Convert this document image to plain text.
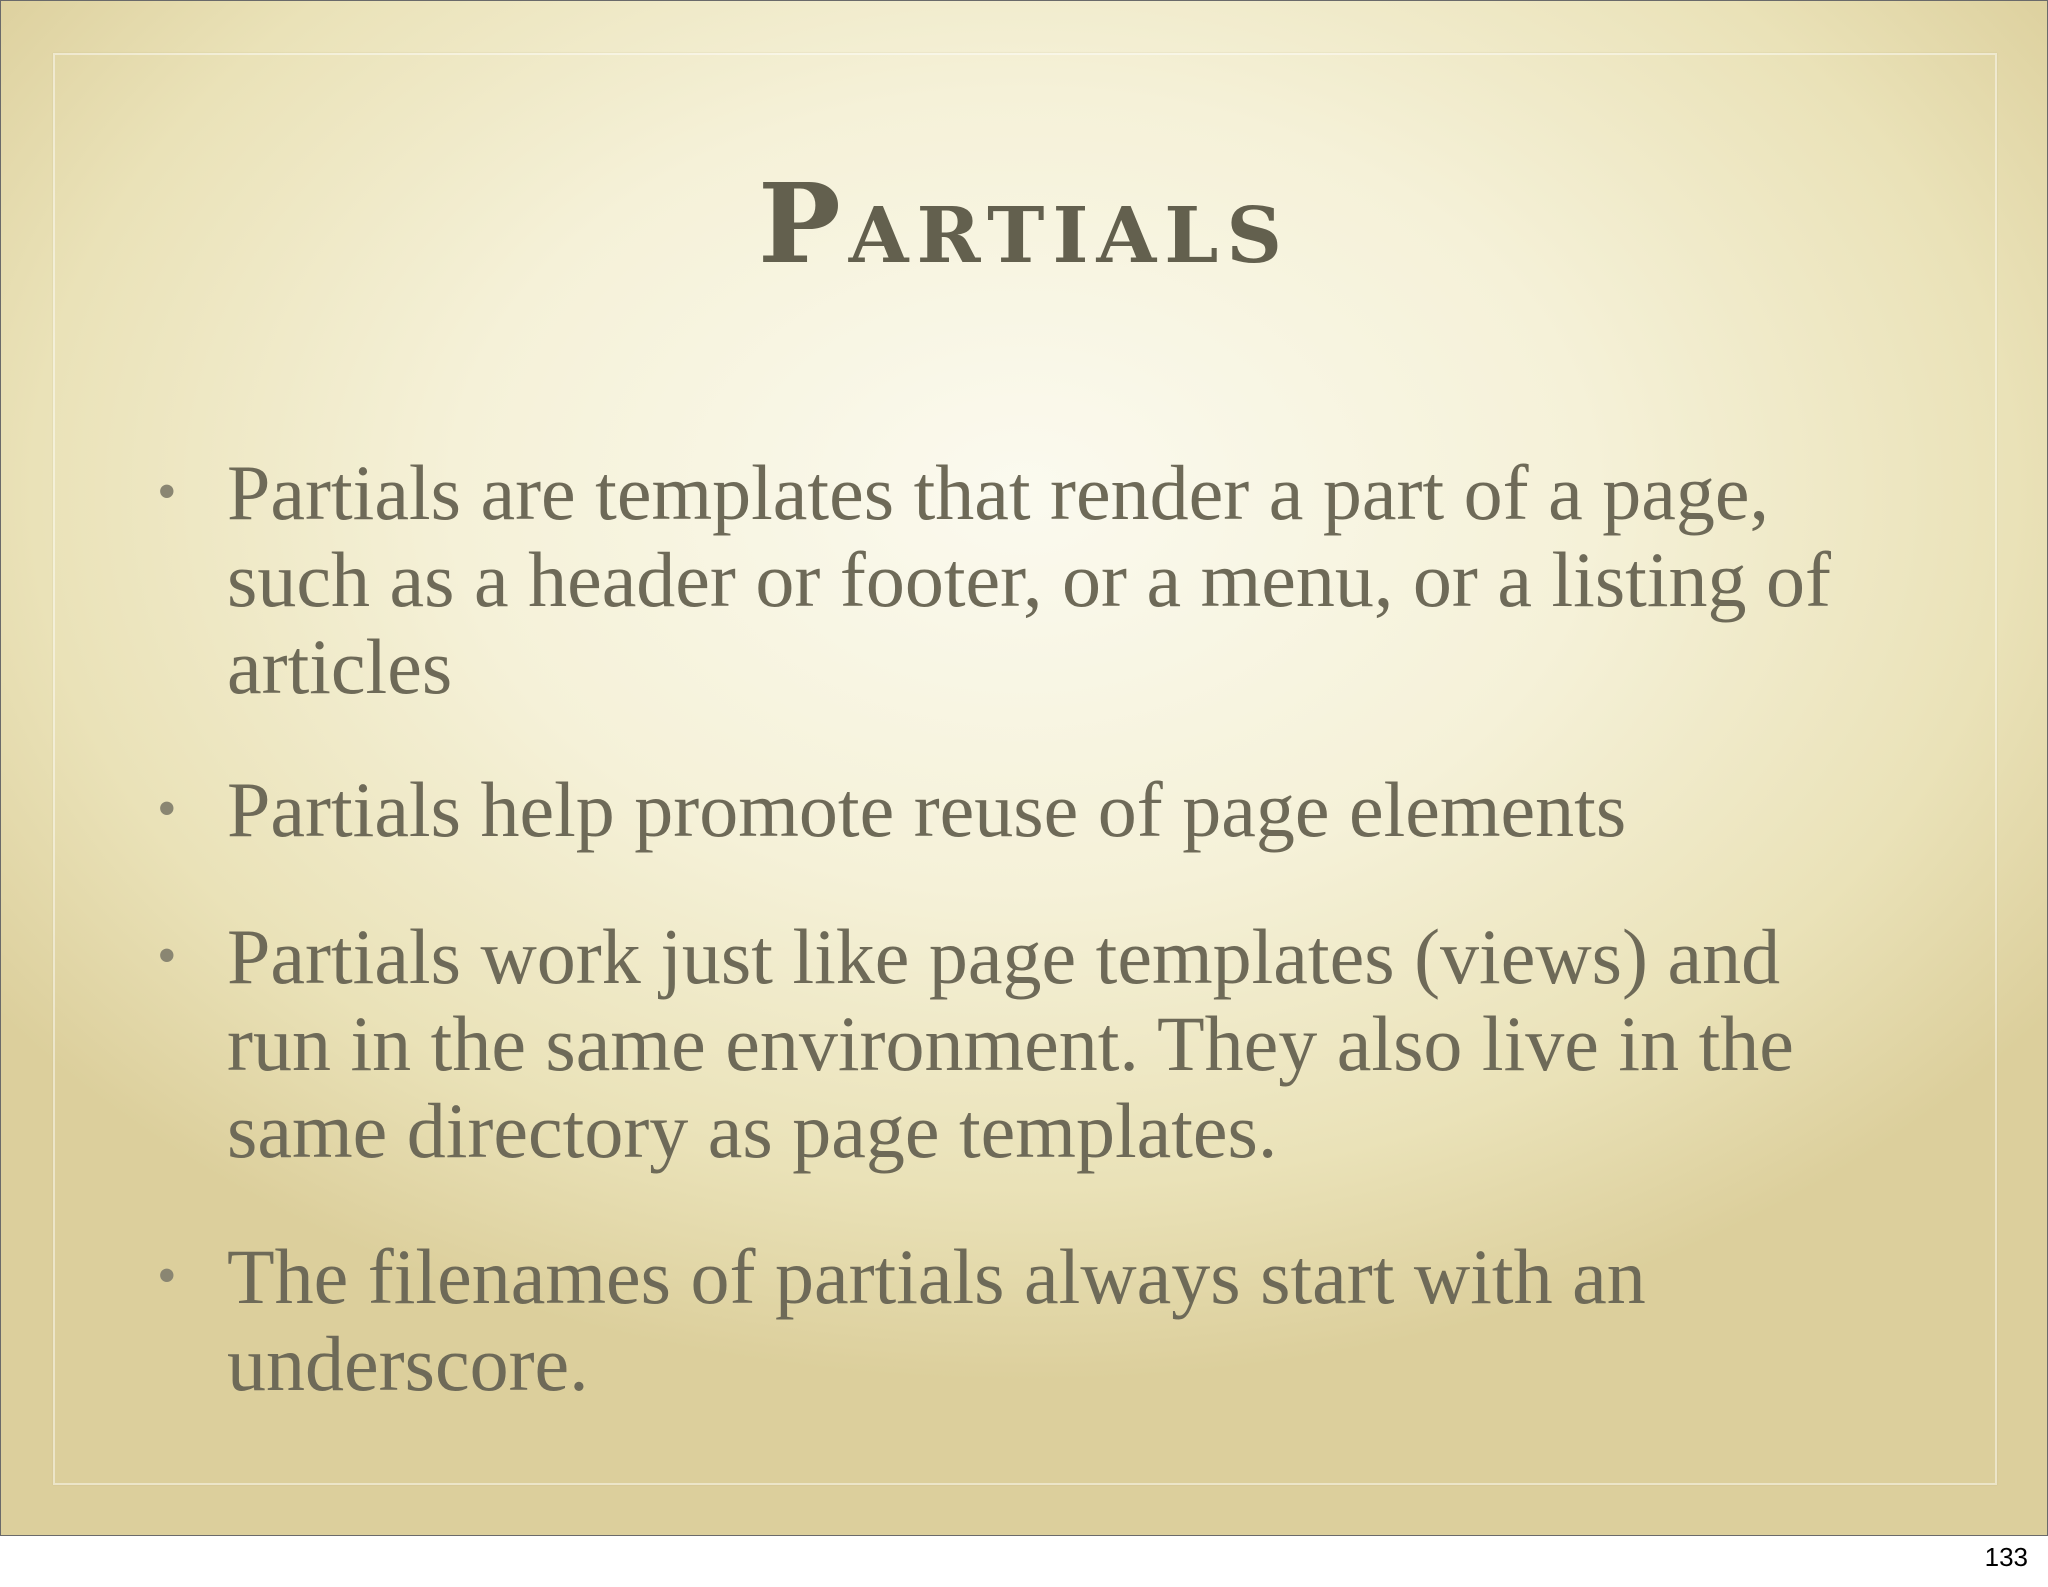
Partials
• Partials are templates that render a part of a page, such as a header or footer, or a menu, or a listing of articles
• Partials help promote reuse of page elements
• Partials work just like page templates (views) and run in the same environment. They also live in the same directory as page templates.
• The filenames of partials always start with an underscore.
133
